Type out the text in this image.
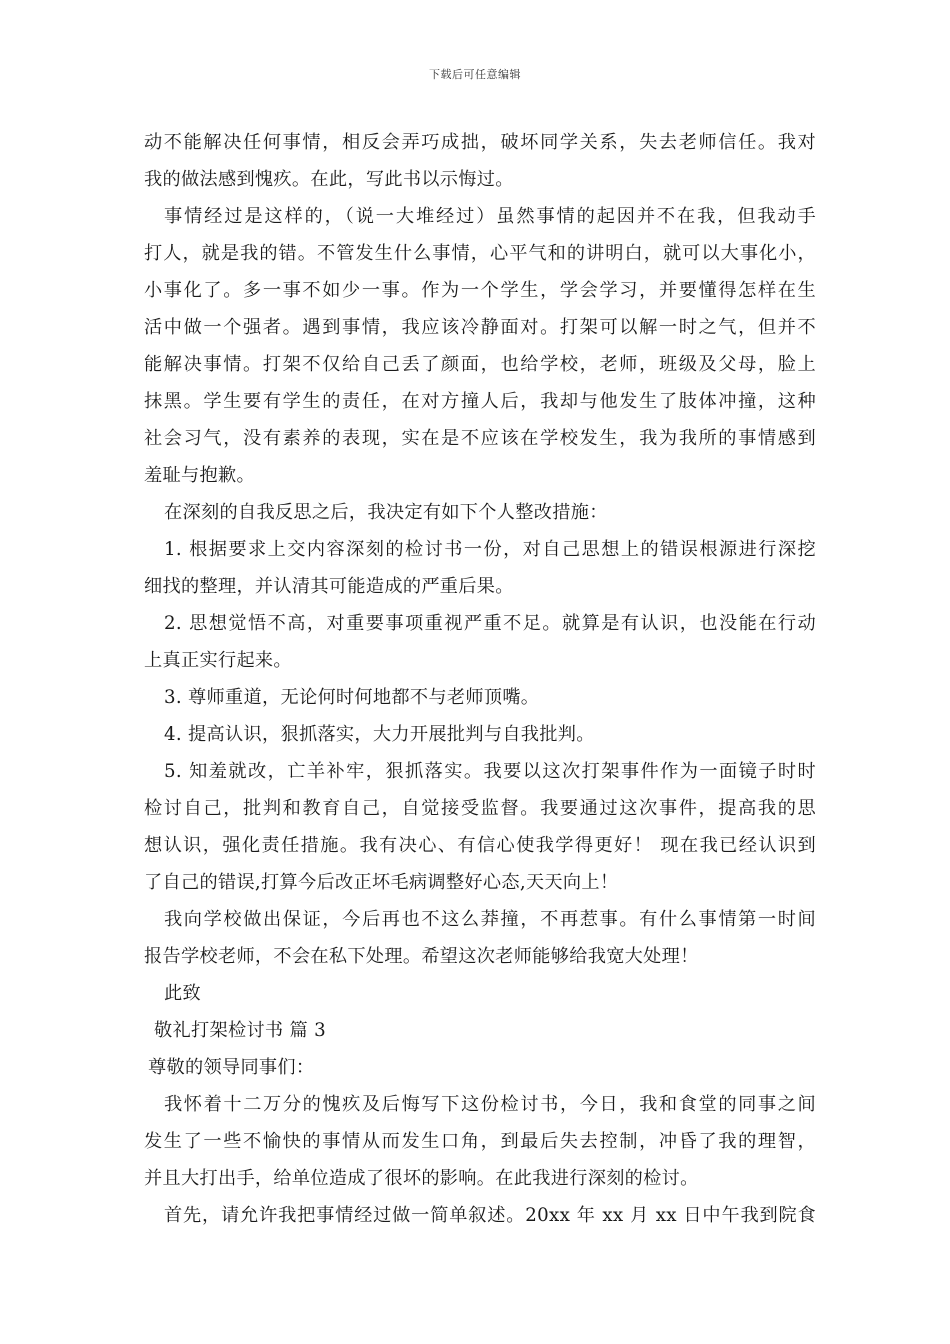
下载后可任意编辑
动不能解决任何事情，相反会弄巧成拙，破坏同学关系，失去老师信任。我对
我的做法感到愧疚。在此，写此书以示悔过。
事情经过是这样的，（说一大堆经过）虽然事情的起因并不在我，但我动手
打人，就是我的错。不管发生什么事情，心平气和的讲明白，就可以大事化小，
小事化了。多一事不如少一事。作为一个学生，学会学习，并要懂得怎样在生
活中做一个强者。遇到事情，我应该冷静面对。打架可以解一时之气，但并不
能解决事情。打架不仅给自己丢了颜面，也给学校，老师，班级及父母，脸上
抹黑。学生要有学生的责任，在对方撞人后，我却与他发生了肢体冲撞，这种
社会习气，没有素养的表现，实在是不应该在学校发生，我为我所的事情感到
羞耻与抱歉。
在深刻的自我反思之后，我决定有如下个人整改措施：
1. 根据要求上交内容深刻的检讨书一份，对自己思想上的错误根源进行深挖
细找的整理，并认清其可能造成的严重后果。
2. 思想觉悟不高，对重要事项重视严重不足。就算是有认识，也没能在行动
上真正实行起来。
3. 尊师重道，无论何时何地都不与老师顶嘴。
4. 提高认识，狠抓落实，大力开展批判与自我批判。
5. 知羞就改，亡羊补牢，狠抓落实。我要以这次打架事件作为一面镜子时时
检讨自己，批判和教育自己，自觉接受监督。我要通过这次事件，提高我的思
想认识，强化责任措施。我有决心、有信心使我学得更好！ 现在我已经认识到
了自己的错误,打算今后改正坏毛病调整好心态,天天向上！
我向学校做出保证，今后再也不这么莽撞，不再惹事。有什么事情第一时间
报告学校老师，不会在私下处理。希望这次老师能够给我宽大处理！
此致
敬礼打架检讨书 篇 3
尊敬的领导同事们：
我怀着十二万分的愧疚及后悔写下这份检讨书，今日，我和食堂的同事之间
发生了一些不愉快的事情从而发生口角，到最后失去控制，冲昏了我的理智，
并且大打出手，给单位造成了很坏的影响。在此我进行深刻的检讨。
首先，请允许我把事情经过做一简单叙述。20xx 年 xx 月 xx 日中午我到院食
